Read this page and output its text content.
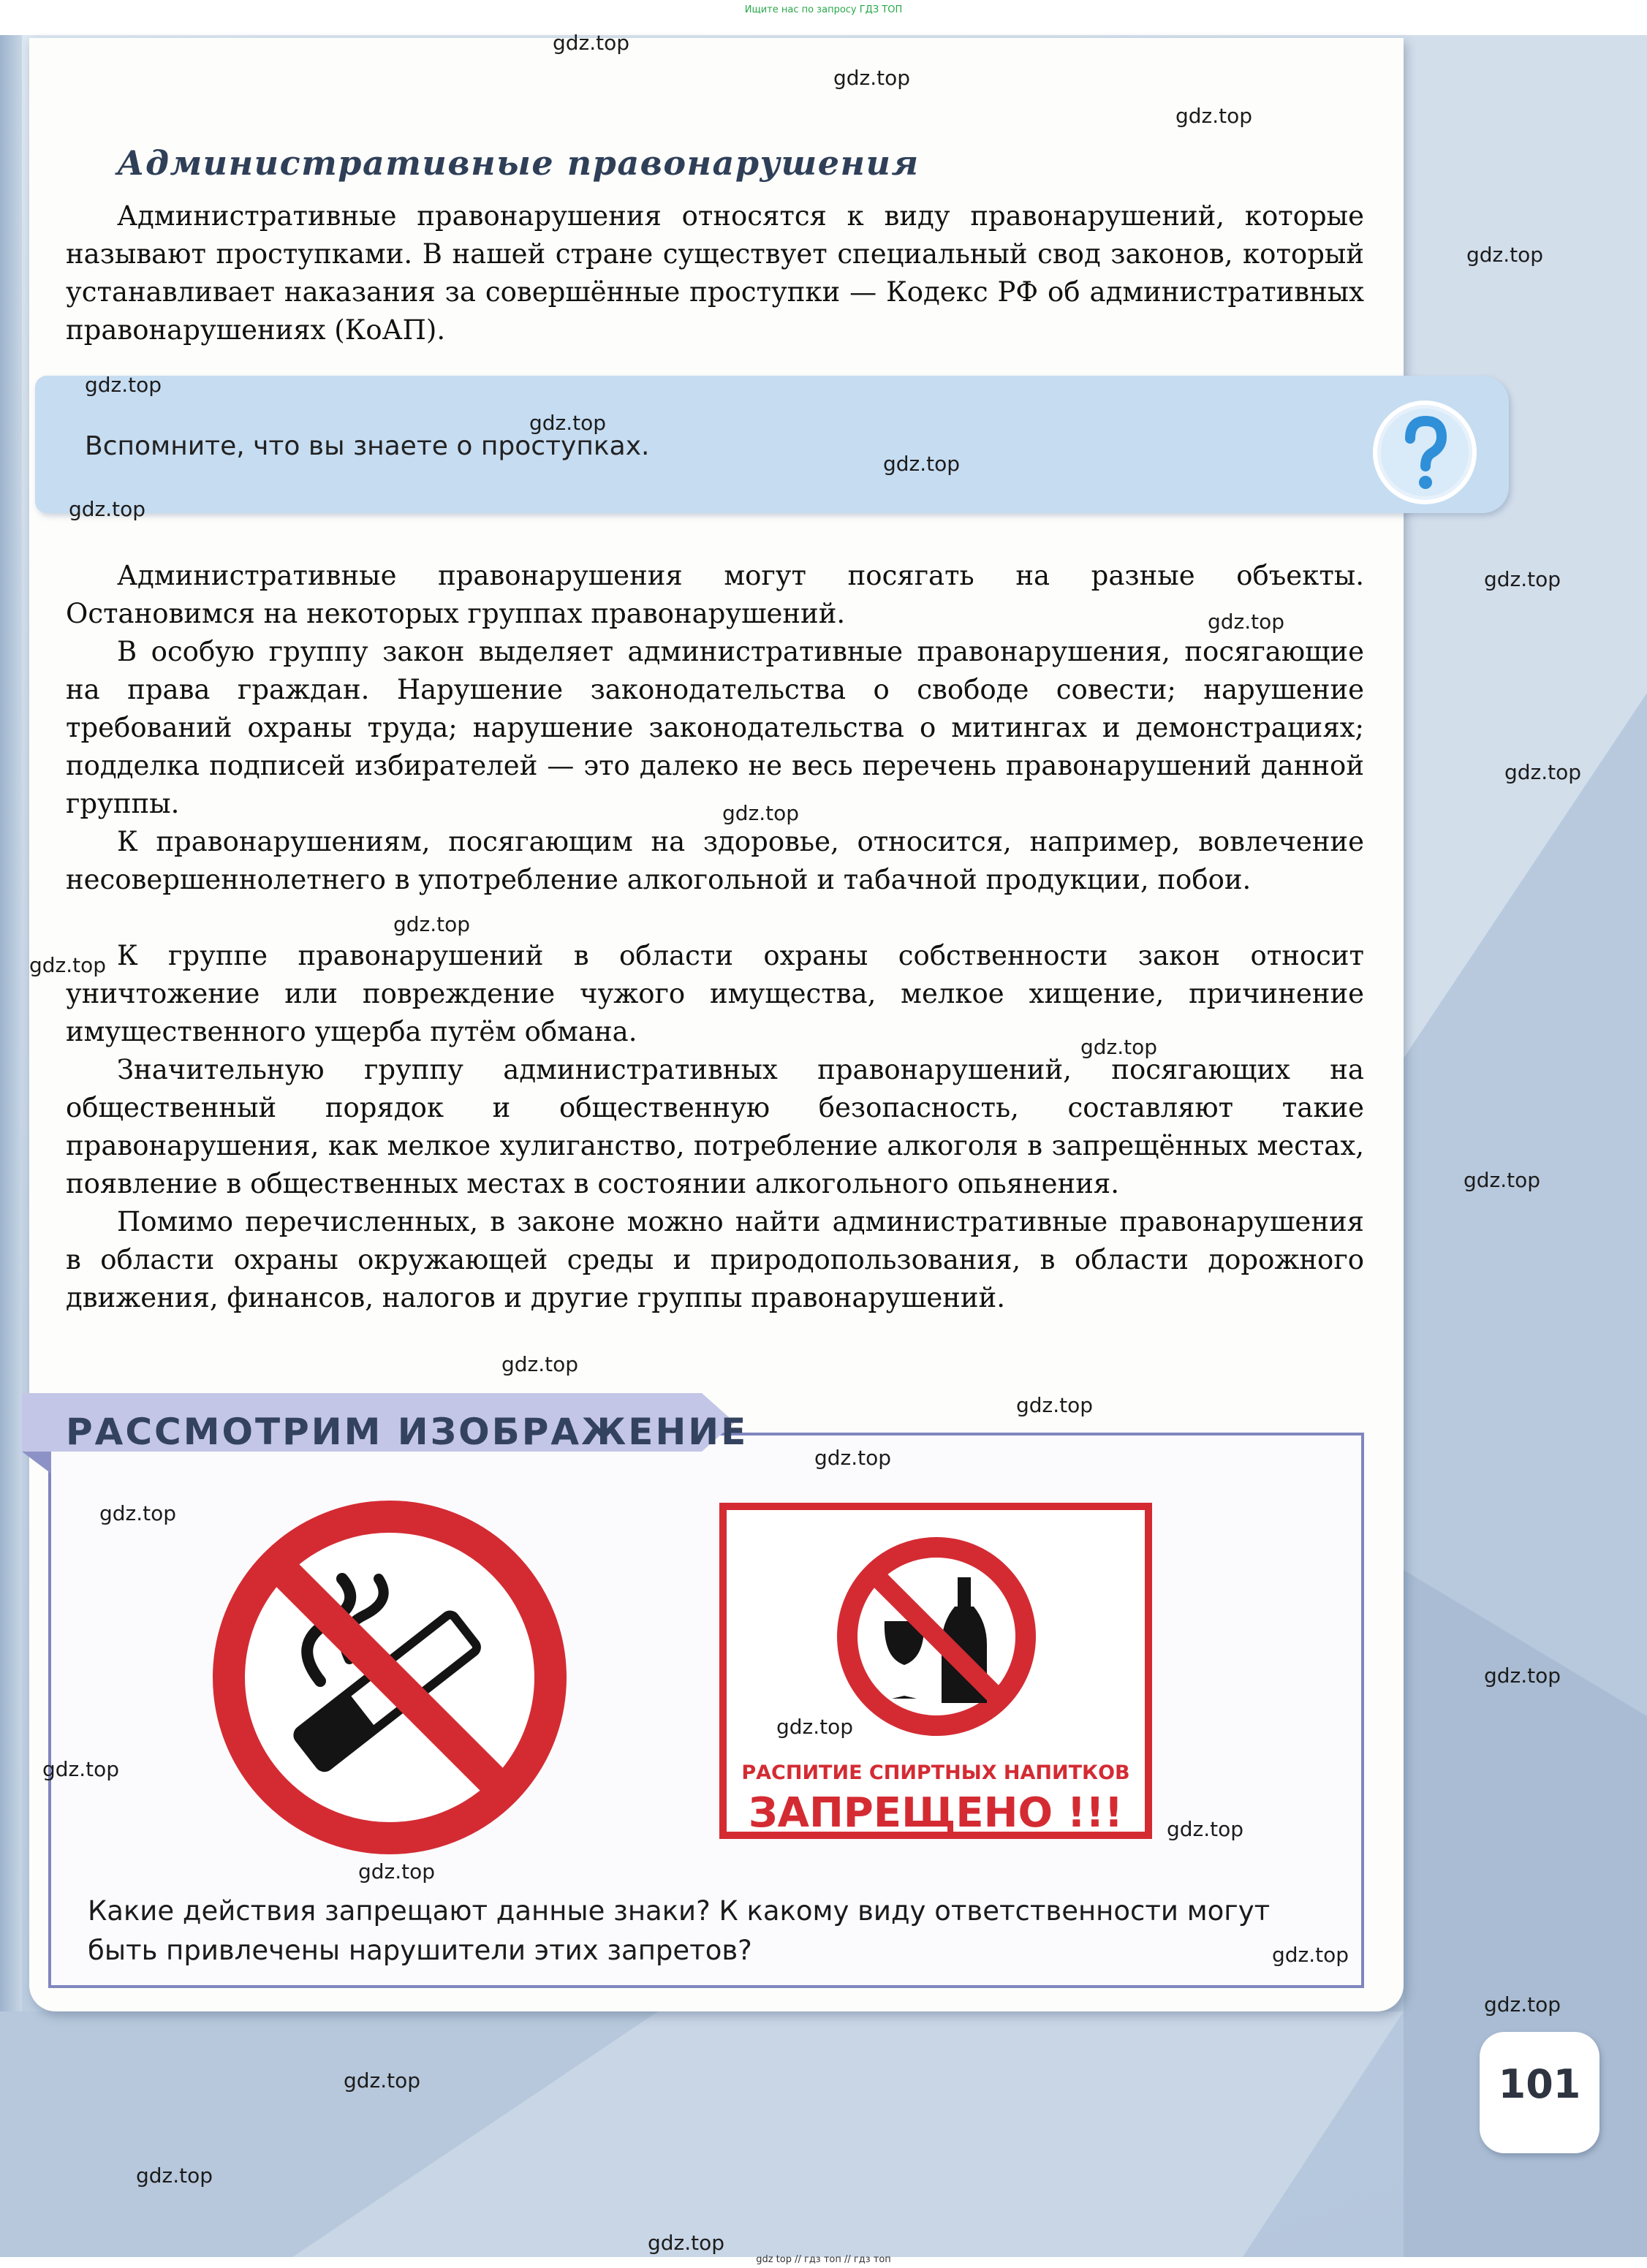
Ищите нас по запросу ГДЗ ТОП
Административные правонарушения

Административные правонарушения относятся к виду правонарушений, которые называют проступками. В нашей стране существует специальный свод законов, который устанавливает наказания за совершённые проступки — Кодекс РФ об административных правонарушениях (КоАП).

Вспомните, что вы знаете о проступках.

Административные правонарушения могут посягать на разные объекты. Остановимся на некоторых группах правонарушений.

В особую группу закон выделяет административные правонарушения, посягающие на права граждан. Нарушение законодательства о свободе совести; нарушение требований охраны труда; нарушение законодательства о митингах и демонстрациях; подделка подписей избирателей — это далеко не весь перечень правонарушений данной группы.

К правонарушениям, посягающим на здоровье, относится, например, вовлечение несовершеннолетнего в употребление алкогольной и табачной продукции, побои.

К группе правонарушений в области охраны собственности закон относит уничтожение или повреждение чужого имущества, мелкое хищение, причинение имущественного ущерба путём обмана.

Значительную группу административных правонарушений, посягающих на общественный порядок и общественную безопасность, составляют такие правонарушения, как мелкое хулиганство, потребление алкоголя в запрещённых местах, появление в общественных местах в состоянии алкогольного опьянения.

Помимо перечисленных, в законе можно найти административные правонарушения в области охраны окружающей среды и природопользования, в области дорожного движения, финансов, налогов и другие группы правонарушений.

РАССМОТРИМ ИЗОБРАЖЕНИЕ

РАСПИТИЕ СПИРТНЫХ НАПИТКОВ

ЗАПРЕЩЕНО !!!

Какие действия запрещают данные знаки? К какому виду ответственности могут быть привлечены нарушители этих запретов?

101
gdz.top
gdz.top
gdz.top
gdz.top
gdz.top
gdz.top
gdz.top
gdz.top
gdz.top
gdz.top
gdz.top
gdz.top
gdz.top
gdz.top
gdz.top
gdz.top
gdz.top
gdz.top
gdz.top
gdz.top
gdz.top
gdz.top
gdz.top
gdz.top
gdz.top
gdz.top
gdz.top
gdz.top
gdz.top
gdz.top
gdz top // гдз топ // гдз топ
